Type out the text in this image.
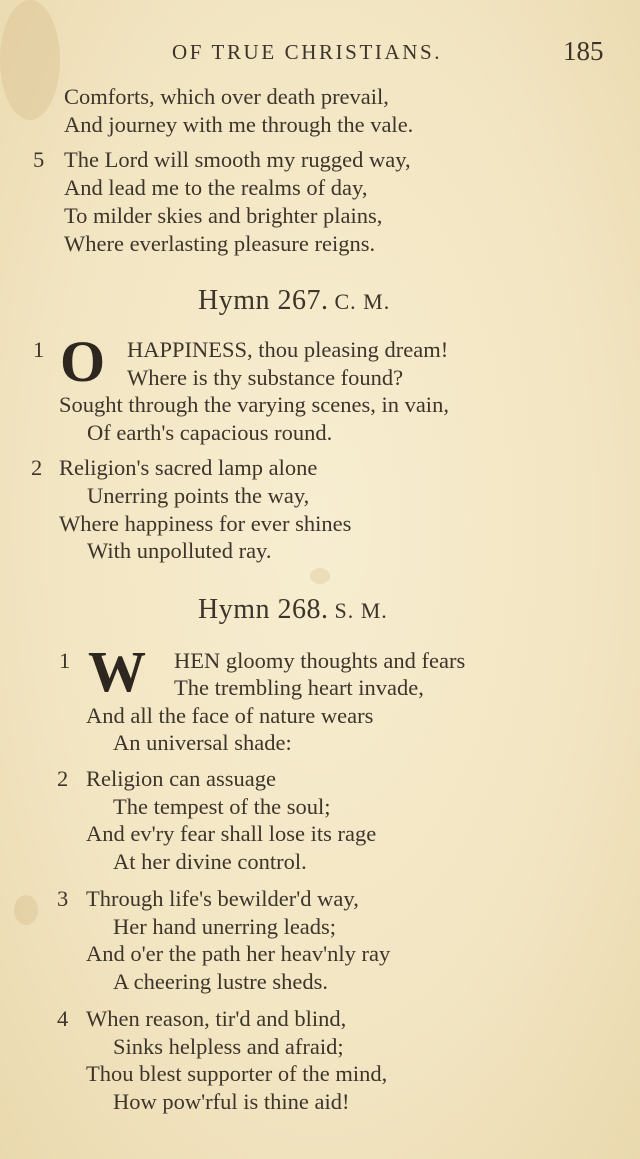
OF TRUE CHRISTIANS.	185
Comforts, which over death prevail,
And journey with me through the vale.
5 The Lord will smooth my rugged way,
And lead me to the realms of day,
To milder skies and brighter plains,
Where everlasting pleasure reigns.
Hymn 267. C. M.
1 O HAPPINESS, thou pleasing dream!
Where is thy substance found?
Sought through the varying scenes, in vain,
Of earth's capacious round.
2 Religion's sacred lamp alone
Unerring points the way,
Where happiness for ever shines
With unpolluted ray.
Hymn 268. S. M.
1 W HEN gloomy thoughts and fears
The trembling heart invade,
And all the face of nature wears
An universal shade:
2 Religion can assuage
The tempest of the soul;
And ev'ry fear shall lose its rage
At her divine control.
3 Through life's bewilder'd way,
Her hand unerring leads;
And o'er the path her heav'nly ray
A cheering lustre sheds.
4 When reason, tir'd and blind,
Sinks helpless and afraid;
Thou blest supporter of the mind,
How pow'rful is thine aid!
